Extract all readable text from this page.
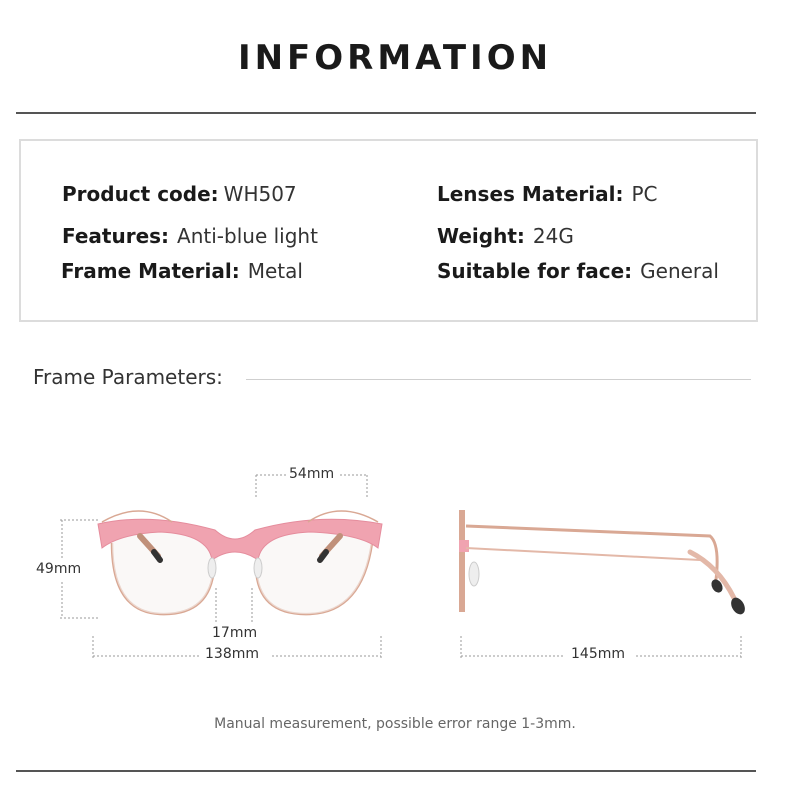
INFORMATION
Product code: WH507
Features: Anti-blue light
Frame Material: Metal
Lenses Material: PC
Weight: 24G
Suitable for face: General
Frame Parameters:
54mm
49mm
17mm
138mm	145mm
Manual measurement, possible error range 1-3mm.
